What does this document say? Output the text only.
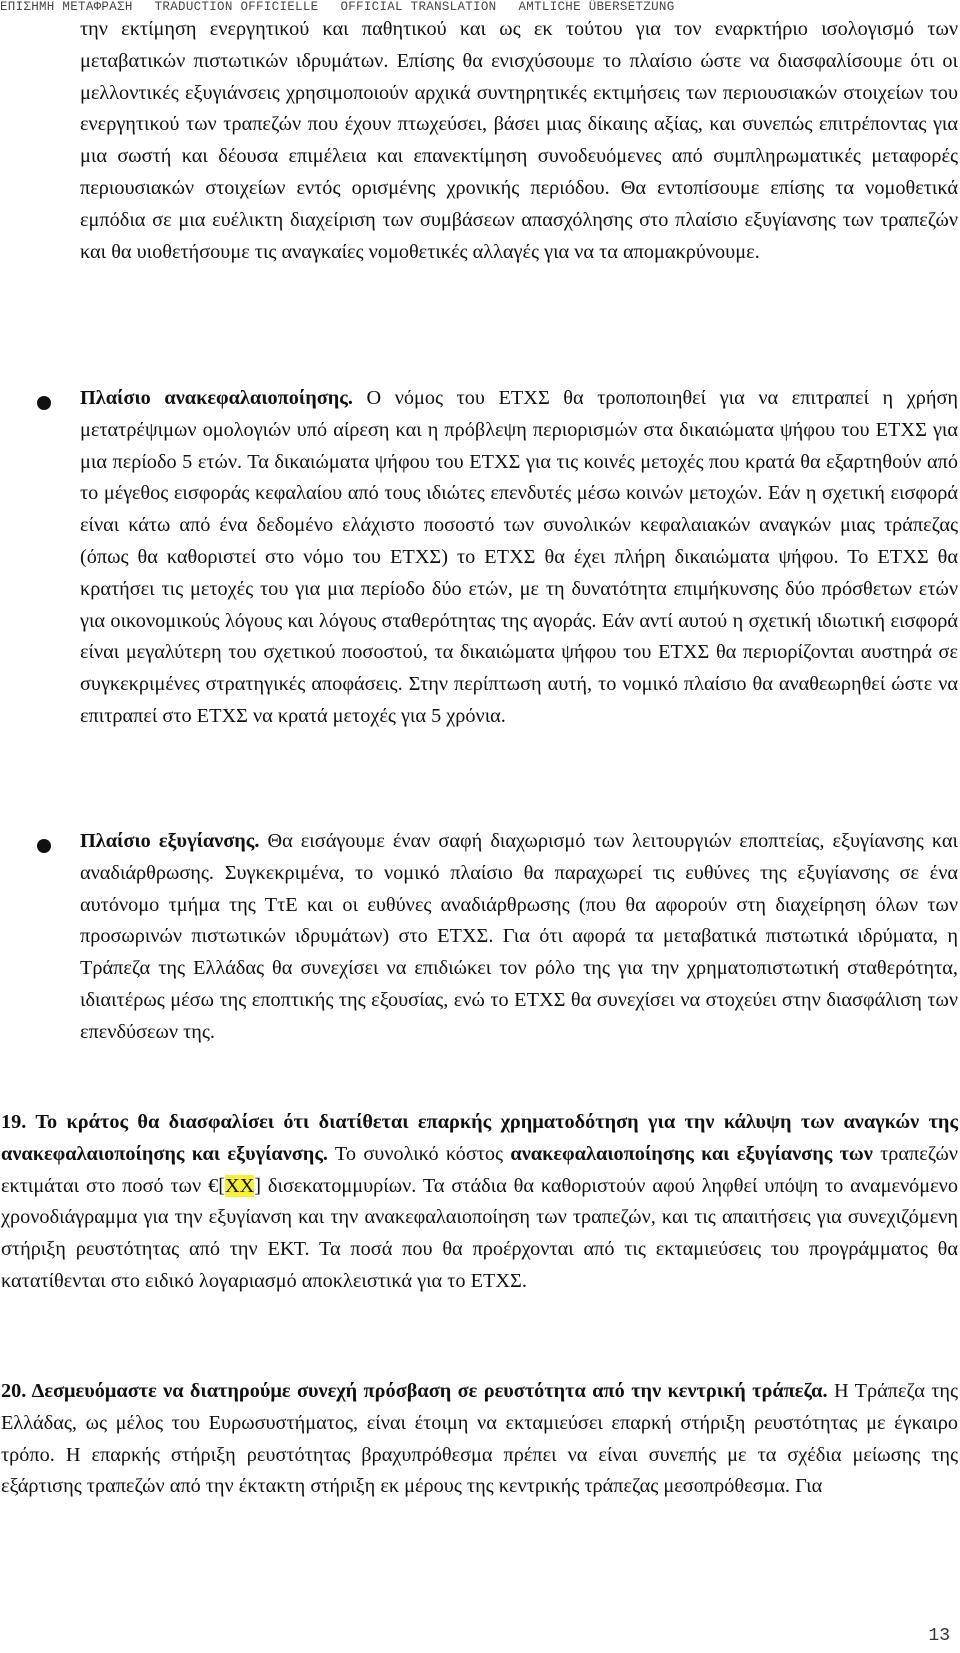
ΕΠΙΣΗΜΗ ΜΕΤΑΦΡΑΣΗ TRADUCTION OFFICIELLE OFFICIAL TRANSLATION AMTLICHE ÜBERSETZUNG
την εκτίμηση ενεργητικού και παθητικού και ως εκ τούτου για τον εναρκτήριο ισολογισμό των μεταβατικών πιστωτικών ιδρυμάτων. Επίσης θα ενισχύσουμε το πλαίσιο ώστε να διασφαλίσουμε ότι οι μελλοντικές εξυγιάνσεις χρησιμοποιούν αρχικά συντηρητικές εκτιμήσεις των περιουσιακών στοιχείων του ενεργητικού των τραπεζών που έχουν πτωχεύσει, βάσει μιας δίκαιης αξίας, και συνεπώς επιτρέποντας για μια σωστή και δέουσα επιμέλεια και επανεκτίμηση συνοδευόμενες από συμπληρωματικές μεταφορές περιουσιακών στοιχείων εντός ορισμένης χρονικής περιόδου. Θα εντοπίσουμε επίσης τα νομοθετικά εμπόδια σε μια ευέλικτη διαχείριση των συμβάσεων απασχόλησης στο πλαίσιο εξυγίανσης των τραπεζών και θα υιοθετήσουμε τις αναγκαίες νομοθετικές αλλαγές για να τα απομακρύνουμε.
Πλαίσιο ανακεφαλαιοποίησης. Ο νόμος του ΕΤΧΣ θα τροποποιηθεί για να επιτραπεί η χρήση μετατρέψιμων ομολογιών υπό αίρεση και η πρόβλεψη περιορισμών στα δικαιώματα ψήφου του ΕΤΧΣ για μια περίοδο 5 ετών. Τα δικαιώματα ψήφου του ΕΤΧΣ για τις κοινές μετοχές που κρατά θα εξαρτηθούν από το μέγεθος εισφοράς κεφαλαίου από τους ιδιώτες επενδυτές μέσω κοινών μετοχών. Εάν η σχετική εισφορά είναι κάτω από ένα δεδομένο ελάχιστο ποσοστό των συνολικών κεφαλαιακών αναγκών μιας τράπεζας (όπως θα καθοριστεί στο νόμο του ΕΤΧΣ) το ΕΤΧΣ θα έχει πλήρη δικαιώματα ψήφου. Το ΕΤΧΣ θα κρατήσει τις μετοχές του για μια περίοδο δύο ετών, με τη δυνατότητα επιμήκυνσης δύο πρόσθετων ετών για οικονομικούς λόγους και λόγους σταθερότητας της αγοράς. Εάν αντί αυτού η σχετική ιδιωτική εισφορά είναι μεγαλύτερη του σχετικού ποσοστού, τα δικαιώματα ψήφου του ΕΤΧΣ θα περιορίζονται αυστηρά σε συγκεκριμένες στρατηγικές αποφάσεις. Στην περίπτωση αυτή, το νομικό πλαίσιο θα αναθεωρηθεί ώστε να επιτραπεί στο ΕΤΧΣ να κρατά μετοχές για 5 χρόνια.
Πλαίσιο εξυγίανσης. Θα εισάγουμε έναν σαφή διαχωρισμό των λειτουργιών εποπτείας, εξυγίανσης και αναδιάρθρωσης. Συγκεκριμένα, το νομικό πλαίσιο θα παραχωρεί τις ευθύνες της εξυγίανσης σε ένα αυτόνομο τμήμα της ΤτΕ και οι ευθύνες αναδιάρθρωσης (που θα αφορούν στη διαχείρηση όλων των προσωρινών πιστωτικών ιδρυμάτων) στο ΕΤΧΣ. Για ότι αφορά τα μεταβατικά πιστωτικά ιδρύματα, η Τράπεζα της Ελλάδας θα συνεχίσει να επιδιώκει τον ρόλο της για την χρηματοπιστωτική σταθερότητα, ιδιαιτέρως μέσω της εποπτικής της εξουσίας, ενώ το ΕΤΧΣ θα συνεχίσει να στοχεύει στην διασφάλιση των επενδύσεων της.
19. Το κράτος θα διασφαλίσει ότι διατίθεται επαρκής χρηματοδότηση για την κάλυψη των αναγκών της ανακεφαλαιοποίησης και εξυγίανσης. Το συνολικό κόστος ανακεφαλαιοποίησης και εξυγίανσης των τραπεζών εκτιμάται στο ποσό των €[XX] δισεκατομμυρίων. Τα στάδια θα καθοριστούν αφού ληφθεί υπόψη το αναμενόμενο χρονοδιάγραμμα για την εξυγίανση και την ανακεφαλαιοποίηση των τραπεζών, και τις απαιτήσεις για συνεχιζόμενη στήριξη ρευστότητας από την ΕΚΤ. Τα ποσά που θα προέρχονται από τις εκταμιεύσεις του προγράμματος θα κατατίθενται στο ειδικό λογαριασμό αποκλειστικά για το ΕΤΧΣ.
20. Δεσμευόμαστε να διατηρούμε συνεχή πρόσβαση σε ρευστότητα από την κεντρική τράπεζα. Η Τράπεζα της Ελλάδας, ως μέλος του Ευρωσυστήματος, είναι έτοιμη να εκταμιεύσει επαρκή στήριξη ρευστότητας με έγκαιρο τρόπο. Η επαρκής στήριξη ρευστότητας βραχυπρόθεσμα πρέπει να είναι συνεπής με τα σχέδια μείωσης της εξάρτισης τραπεζών από την έκτακτη στήριξη εκ μέρους της κεντρικής τράπεζας μεσοπρόθεσμα. Για
13
